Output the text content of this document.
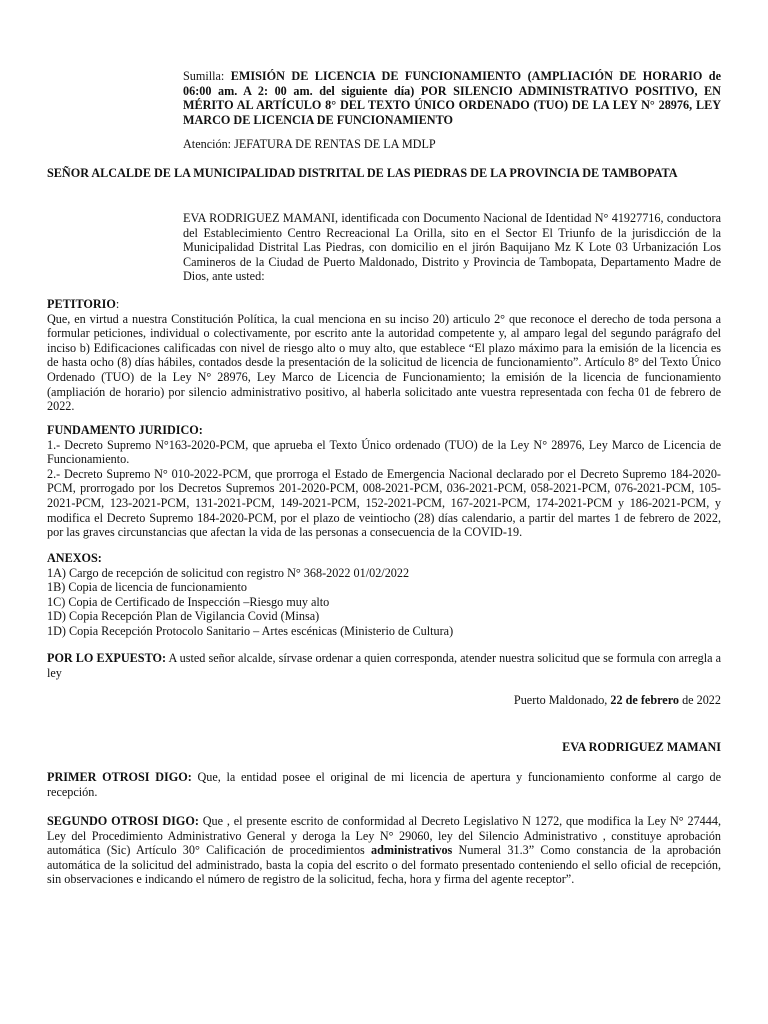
Sumilla: EMISIÓN DE LICENCIA DE FUNCIONAMIENTO (AMPLIACIÓN DE HORARIO de 06:00 am. A 2: 00 am. del siguiente día) POR SILENCIO ADMINISTRATIVO POSITIVO, EN MÉRITO AL ARTÍCULO 8° DEL TEXTO ÚNICO ORDENADO (TUO) DE LA LEY N° 28976, LEY MARCO DE LICENCIA DE FUNCIONAMIENTO
Atención: JEFATURA DE RENTAS DE LA MDLP
SEÑOR ALCALDE DE LA MUNICIPALIDAD DISTRITAL DE LAS PIEDRAS DE LA PROVINCIA DE TAMBOPATA
EVA RODRIGUEZ MAMANI, identificada con Documento Nacional de Identidad N° 41927716, conductora del Establecimiento Centro Recreacional La Orilla, sito en el Sector El Triunfo de la jurisdicción de la Municipalidad Distrital Las Piedras, con domicilio en el jirón Baquijano Mz K Lote 03 Urbanización Los Camineros de la Ciudad de Puerto Maldonado, Distrito y Provincia de Tambopata, Departamento Madre de Dios, ante usted:
PETITORIO:
Que, en virtud a nuestra Constitución Política, la cual menciona en su inciso 20) articulo 2° que reconoce el derecho de toda persona a formular peticiones, individual o colectivamente, por escrito ante la autoridad competente y, al amparo legal del segundo parágrafo del inciso b) Edificaciones calificadas con nivel de riesgo alto o muy alto, que establece “El plazo máximo para la emisión de la licencia es de hasta ocho (8) días hábiles, contados desde la presentación de la solicitud de licencia de funcionamiento”. Artículo 8° del Texto Único Ordenado (TUO) de la Ley N° 28976, Ley Marco de Licencia de Funcionamiento; la emisión de la licencia de funcionamiento (ampliación de horario) por silencio administrativo positivo, al haberla solicitado ante vuestra representada con fecha 01 de febrero de 2022.
FUNDAMENTO JURIDICO:
1.- Decreto Supremo N°163-2020-PCM, que aprueba el Texto Único ordenado (TUO) de la Ley N° 28976, Ley Marco de Licencia de Funcionamiento.
2.- Decreto Supremo N° 010-2022-PCM, que prorroga el Estado de Emergencia Nacional declarado por el Decreto Supremo 184-2020-PCM, prorrogado por los Decretos Supremos 201-2020-PCM, 008-2021-PCM, 036-2021-PCM, 058-2021-PCM, 076-2021-PCM, 105-2021-PCM, 123-2021-PCM, 131-2021-PCM, 149-2021-PCM, 152-2021-PCM, 167-2021-PCM, 174-2021-PCM y 186-2021-PCM, y modifica el Decreto Supremo 184-2020-PCM, por el plazo de veintiocho (28) días calendario, a partir del martes 1 de febrero de 2022, por las graves circunstancias que afectan la vida de las personas a consecuencia de la COVID-19.
ANEXOS:
1A) Cargo de recepción de solicitud con registro N° 368-2022 01/02/2022
1B) Copia de licencia de funcionamiento
1C) Copia de Certificado de Inspección –Riesgo muy alto
1D) Copia Recepción Plan de Vigilancia Covid (Minsa)
1D) Copia Recepción Protocolo Sanitario – Artes escénicas (Ministerio de Cultura)
POR LO EXPUESTO: A usted señor alcalde, sírvase ordenar a quien corresponda, atender nuestra solicitud que se formula con arregla a ley
Puerto Maldonado, 22 de febrero de 2022
EVA RODRIGUEZ MAMANI
PRIMER OTROSI DIGO: Que, la entidad posee el original de mi licencia de apertura y funcionamiento conforme al cargo de recepción.
SEGUNDO OTROSI DIGO: Que , el presente escrito de conformidad al Decreto Legislativo N 1272, que modifica la Ley N° 27444, Ley del Procedimiento Administrativo General y deroga la Ley N° 29060, ley del Silencio Administrativo , constituye aprobación automática (Sic) Artículo 30° Calificación de procedimientos administrativos Numeral 31.3” Como constancia de la aprobación automática de la solicitud del administrado, basta la copia del escrito o del formato presentado conteniendo el sello oficial de recepción, sin observaciones e indicando el número de registro de la solicitud, fecha, hora y firma del agente receptor”.
